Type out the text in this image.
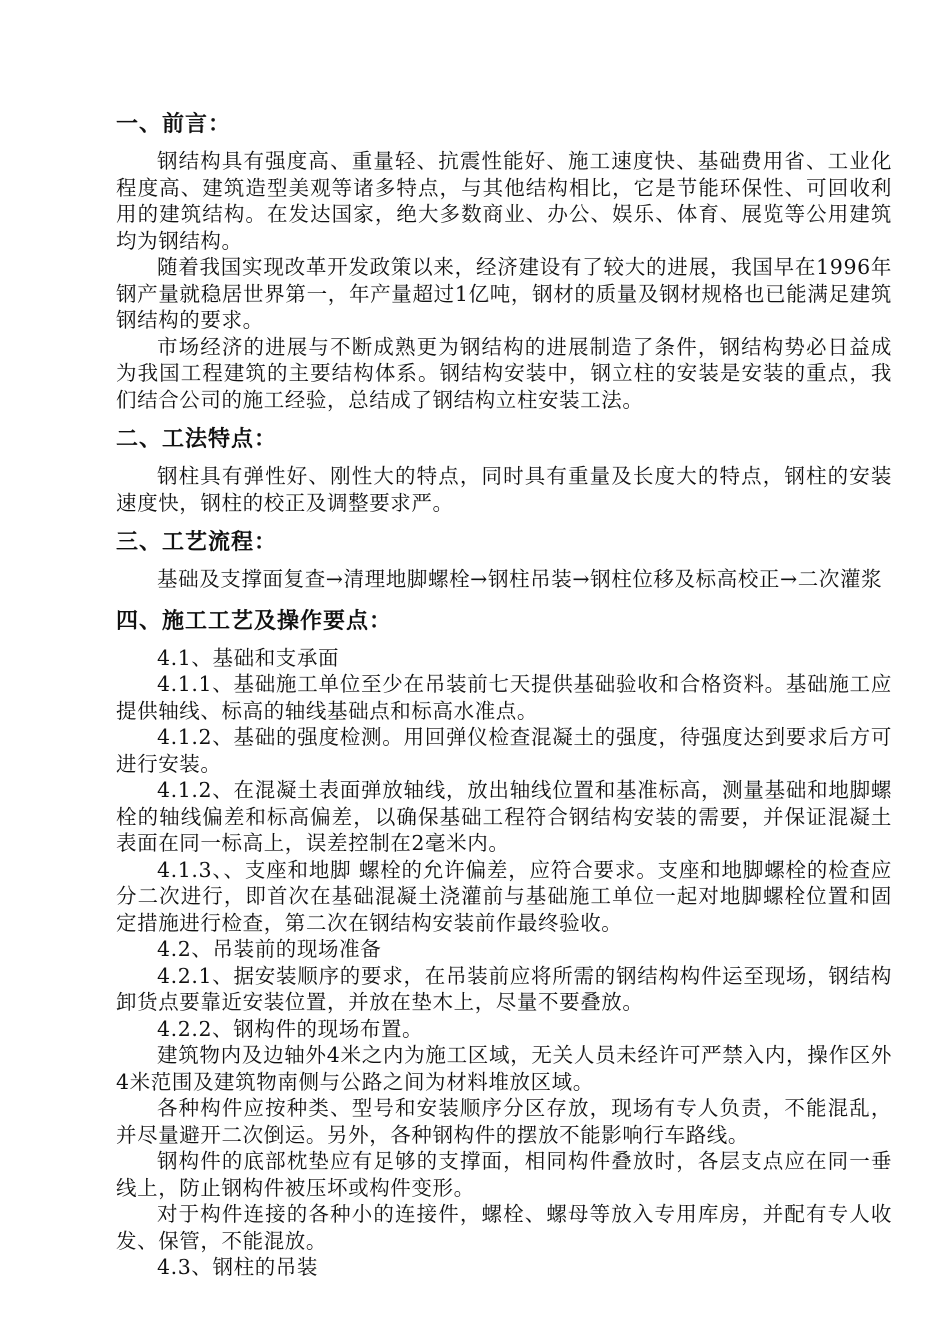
一、前言：

钢结构具有强度高、重量轻、抗震性能好、施工速度快、基础费用省、工业化程度高、建筑造型美观等诸多特点，与其他结构相比，它是节能环保性、可回收利用的建筑结构。在发达国家，绝大多数商业、办公、娱乐、体育、展览等公用建筑均为钢结构。

随着我国实现改革开发政策以来，经济建设有了较大的进展，我国早在1996年钢产量就稳居世界第一，年产量超过1亿吨，钢材的质量及钢材规格也已能满足建筑钢结构的要求。

市场经济的进展与不断成熟更为钢结构的进展制造了条件，钢结构势必日益成为我国工程建筑的主要结构体系。钢结构安装中，钢立柱的安装是安装的重点，我们结合公司的施工经验，总结成了钢结构立柱安装工法。

二、工法特点：

钢柱具有弹性好、刚性大的特点，同时具有重量及长度大的特点，钢柱的安装速度快，钢柱的校正及调整要求严。

三、工艺流程：

基础及支撑面复查→清理地脚螺栓→钢柱吊装→钢柱位移及标高校正→二次灌浆

四、施工工艺及操作要点：

4.1、基础和支承面

4.1.1、基础施工单位至少在吊装前七天提供基础验收和合格资料。基础施工应提供轴线、标高的轴线基础点和标高水准点。

4.1.2、基础的强度检测。用回弹仪检查混凝土的强度，待强度达到要求后方可进行安装。

4.1.2、在混凝土表面弹放轴线，放出轴线位置和基准标高，测量基础和地脚螺栓的轴线偏差和标高偏差，以确保基础工程符合钢结构安装的需要，并保证混凝土表面在同一标高上，误差控制在2毫米内。

4.1.3、、支座和地脚 螺栓的允许偏差，应符合要求。支座和地脚螺栓的检查应分二次进行，即首次在基础混凝土浇灌前与基础施工单位一起对地脚螺栓位置和固定措施进行检查，第二次在钢结构安装前作最终验收。

4.2、吊装前的现场准备

4.2.1、据安装顺序的要求，在吊装前应将所需的钢结构构件运至现场，钢结构卸货点要靠近安装位置，并放在垫木上，尽量不要叠放。

4.2.2、钢构件的现场布置。

建筑物内及边轴外4米之内为施工区域，无关人员未经许可严禁入内，操作区外4米范围及建筑物南侧与公路之间为材料堆放区域。

各种构件应按种类、型号和安装顺序分区存放，现场有专人负责，不能混乱，并尽量避开二次倒运。另外，各种钢构件的摆放不能影响行车路线。

钢构件的底部枕垫应有足够的支撑面，相同构件叠放时，各层支点应在同一垂线上，防止钢构件被压坏或构件变形。

对于构件连接的各种小的连接件，螺栓、螺母等放入专用库房，并配有专人收发、保管，不能混放。

4.3、钢柱的吊装
